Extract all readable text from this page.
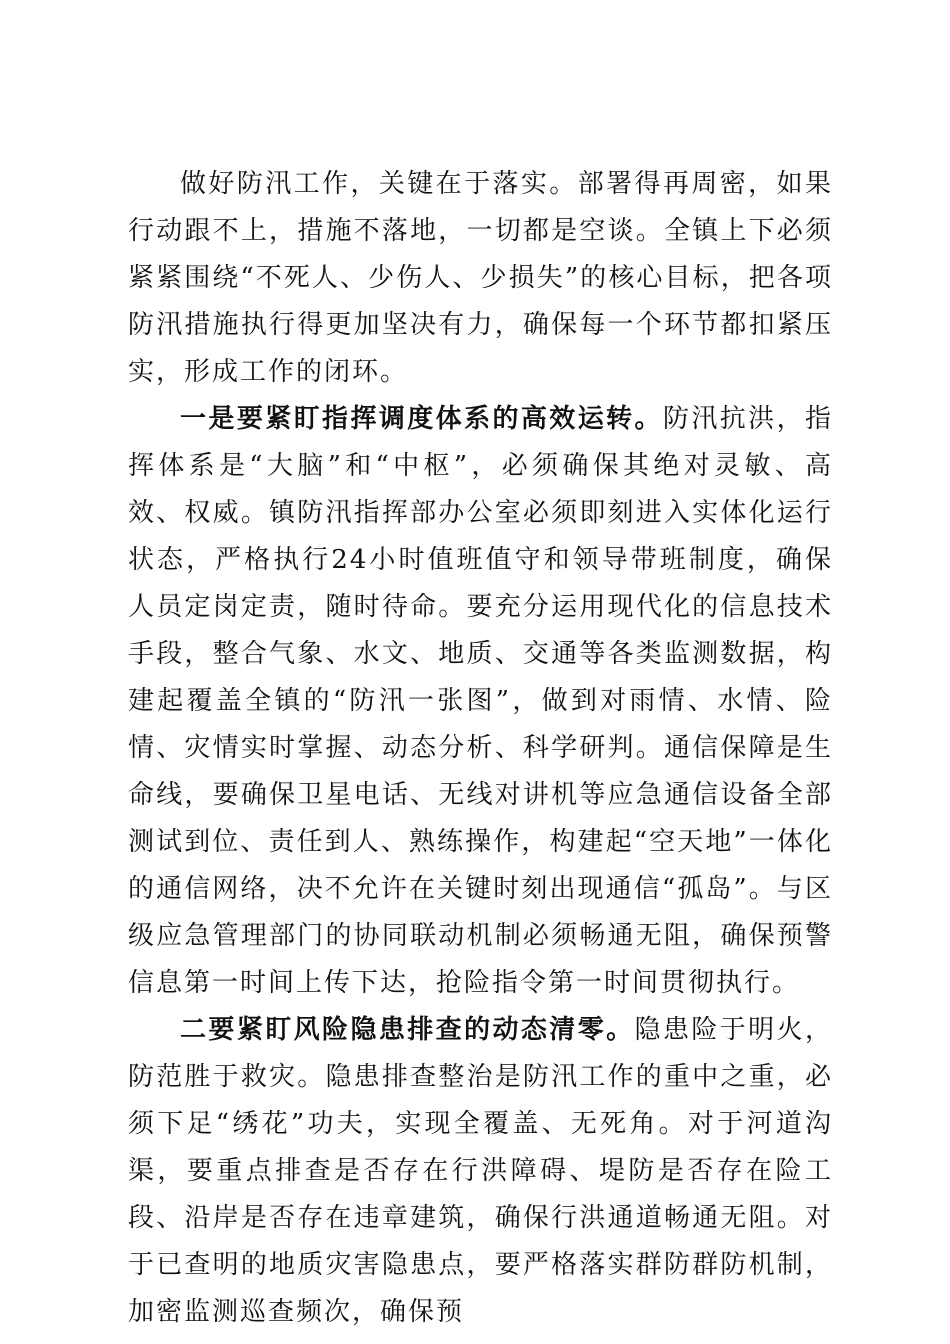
做好防汛工作，关键在于落实。部署得再周密，如果行动跟不上，措施不落地，一切都是空谈。全镇上下必须紧紧围绕“不死人、少伤人、少损失”的核心目标，把各项防汛措施执行得更加坚决有力，确保每一个环节都扣紧压实，形成工作的闭环。

一是要紧盯指挥调度体系的高效运转。防汛抗洪，指挥体系是“大脑”和“中枢”，必须确保其绝对灵敏、高效、权威。镇防汛指挥部办公室必须即刻进入实体化运行状态，严格执行24小时值班值守和领导带班制度，确保人员定岗定责，随时待命。要充分运用现代化的信息技术手段，整合气象、水文、地质、交通等各类监测数据，构建起覆盖全镇的“防汛一张图”，做到对雨情、水情、险情、灾情实时掌握、动态分析、科学研判。通信保障是生命线，要确保卫星电话、无线对讲机等应急通信设备全部测试到位、责任到人、熟练操作，构建起“空天地”一体化的通信网络，决不允许在关键时刻出现通信“孤岛”。与区级应急管理部门的协同联动机制必须畅通无阻，确保预警信息第一时间上传下达，抢险指令第一时间贯彻执行。

二要紧盯风险隐患排查的动态清零。隐患险于明火，防范胜于救灾。隐患排查整治是防汛工作的重中之重，必须下足“绣花”功夫，实现全覆盖、无死角。对于河道沟渠，要重点排查是否存在行洪障碍、堤防是否存在险工段、沿岸是否存在违章建筑，确保行洪通道畅通无阻。对于已查明的地质灾害隐患点，要严格落实群防群防机制，加密监测巡查频次，确保预
